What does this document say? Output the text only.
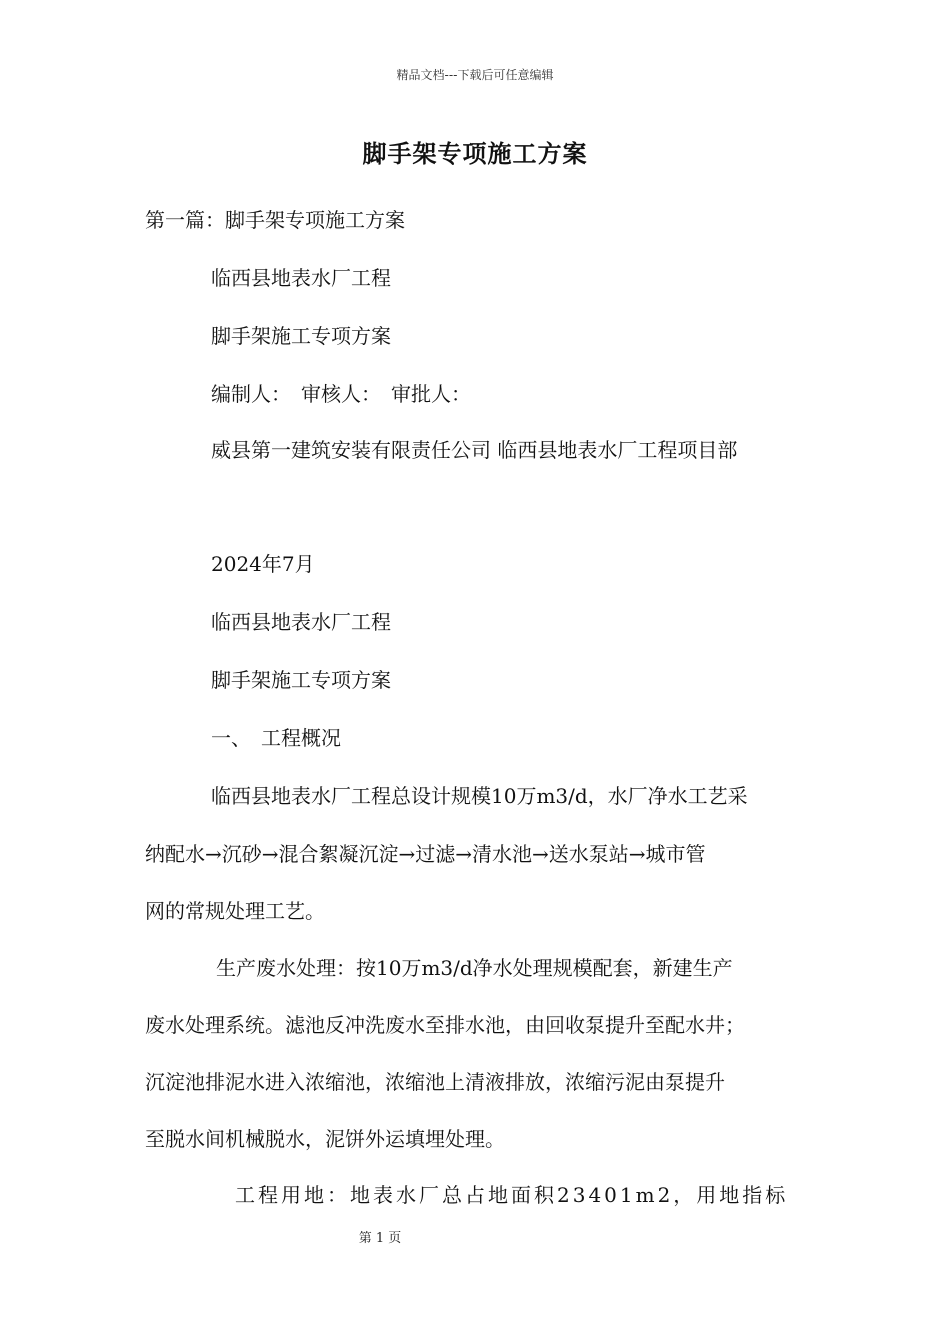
精品文档---下载后可任意编辑
脚手架专项施工方案
第一篇：脚手架专项施工方案
临西县地表水厂工程
脚手架施工专项方案
编制人：　审核人：　审批人：
威县第一建筑安装有限责任公司 临西县地表水厂工程项目部
2024年7月
临西县地表水厂工程
脚手架施工专项方案
一、　工程概况
临西县地表水厂工程总设计规模10万m3/d，水厂净水工艺采
纳配水→沉砂→混合絮凝沉淀→过滤→清水池→送水泵站→城市管
网的常规处理工艺。
生产废水处理：按10万m3/d净水处理规模配套，新建生产
废水处理系统。滤池反冲洗废水至排水池，由回收泵提升至配水井；
沉淀池排泥水进入浓缩池，浓缩池上清液排放，浓缩污泥由泵提升
至脱水间机械脱水，泥饼外运填埋处理。
工程用地：地表水厂总占地面积23401m2，用地指标
第 1 页
